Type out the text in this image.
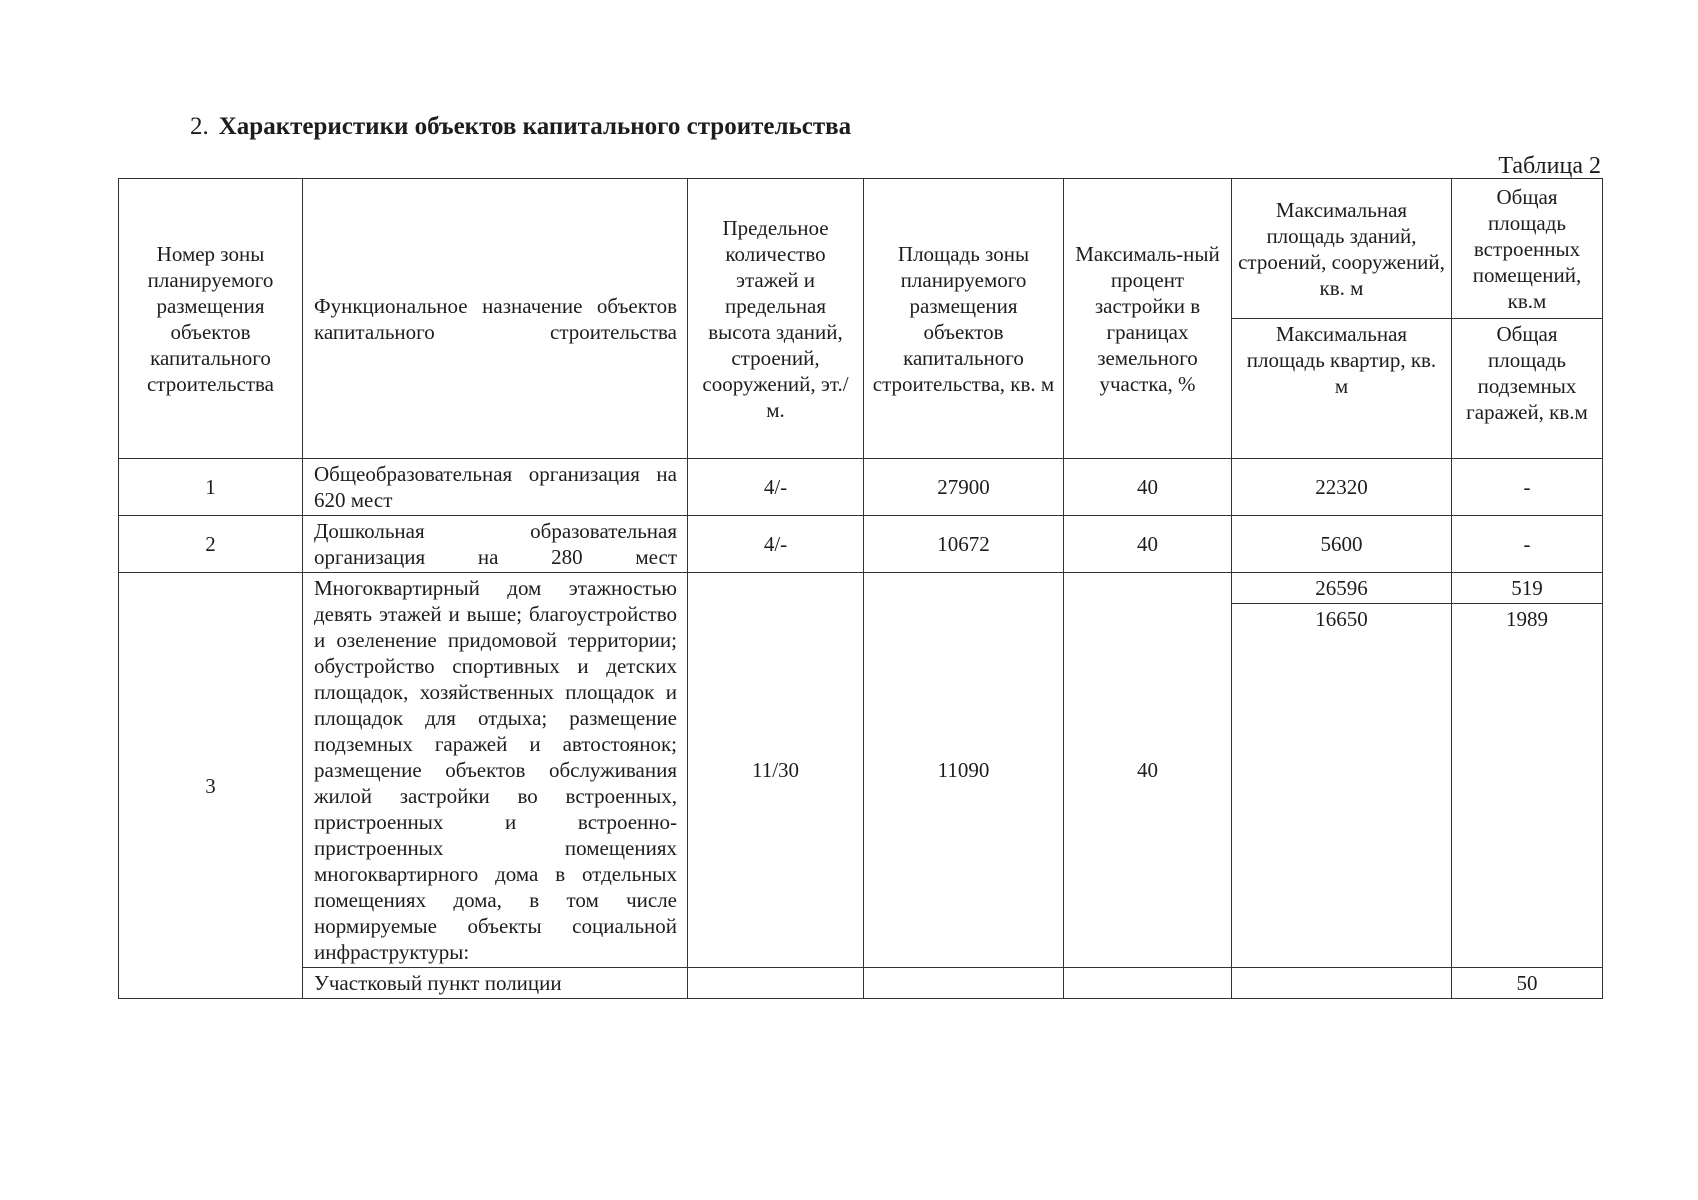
2. Характеристики объектов капитального строительства
Таблица 2
Номер зоны планируемого размещения объектов капитального строительства	Функциональное назначение объектов капитального строительства	Предельное количество этажей и предельная высота зданий, строений, сооружений, эт./м.	Площадь зоны планируемого размещения объектов капитального строительства, кв. м	Максималь-ный процент застройки в границах земельного участка, %	Максимальная площадь зданий, строений, сооружений, кв. м	Общая площадь встроенных помещений, кв.м
					Максимальная площадь квартир, кв. м	Общая площадь подземных гаражей, кв.м
1	Общеобразовательная организация на 620 мест	4/-	27900	40	22320	-
2	Дошкольная образовательная организация на 280 мест	4/-	10672	40	5600	-
3	Многоквартирный дом этажностью девять этажей и выше; благоустройство и озеленение придомовой территории; обустройство спортивных и детских площадок, хозяйственных площадок и площадок для отдыха; размещение подземных гаражей и автостоянок; размещение объектов обслуживания жилой застройки во встроенных, пристроенных и встроенно-пристроенных помещениях многоквартирного дома в отдельных помещениях дома, в том числе нормируемые объекты социальной инфраструктуры:	11/30	11090	40	26596	519
					16650	1989
	Участковый пункт полиции					50
